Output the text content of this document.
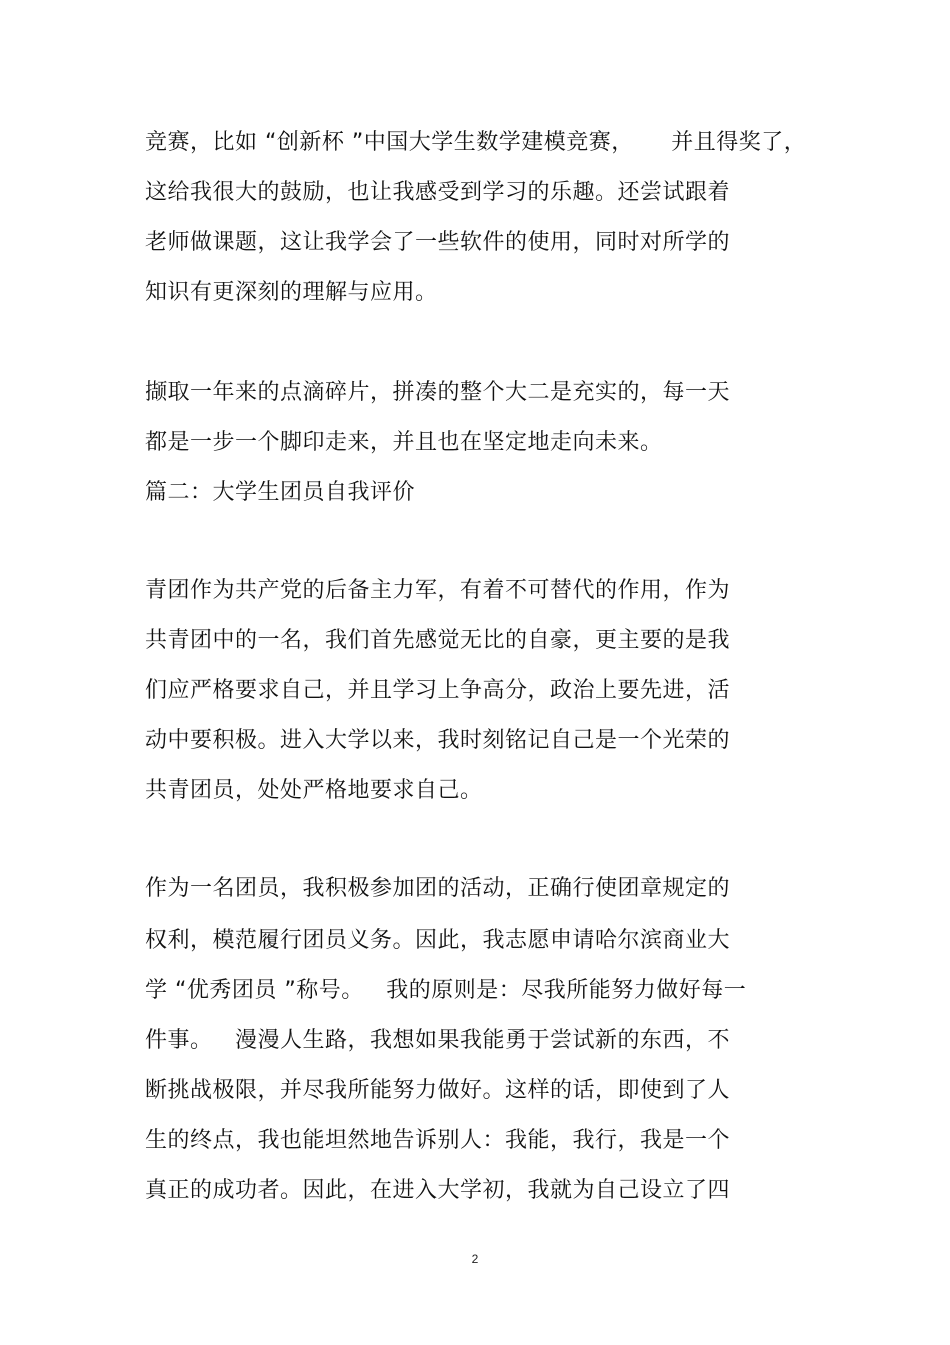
竞赛，比如 “创新杯 ”中国大学生数学建模竞赛，     并且得奖了，
这给我很大的鼓励，也让我感受到学习的乐趣。还尝试跟着
老师做课题，这让我学会了一些软件的使用，同时对所学的
知识有更深刻的理解与应用。
撷取一年来的点滴碎片，拼凑的整个大二是充实的，每一天
都是一步一个脚印走来，并且也在坚定地走向未来。
篇二：大学生团员自我评价
青团作为共产党的后备主力军，有着不可替代的作用，作为
共青团中的一名，我们首先感觉无比的自豪，更主要的是我
们应严格要求自己，并且学习上争高分，政治上要先进，活
动中要积极。进入大学以来，我时刻铭记自己是一个光荣的
共青团员，处处严格地要求自己。
作为一名团员，我积极参加团的活动，正确行使团章规定的
权利，模范履行团员义务。因此，我志愿申请哈尔滨商业大
学 “优秀团员 ”称号。   我的原则是：尽我所能努力做好每一
件事。   漫漫人生路，我想如果我能勇于尝试新的东西，不
断挑战极限，并尽我所能努力做好。这样的话，即使到了人
生的终点，我也能坦然地告诉别人：我能，我行，我是一个
真正的成功者。因此，在进入大学初，我就为自己设立了四
2
